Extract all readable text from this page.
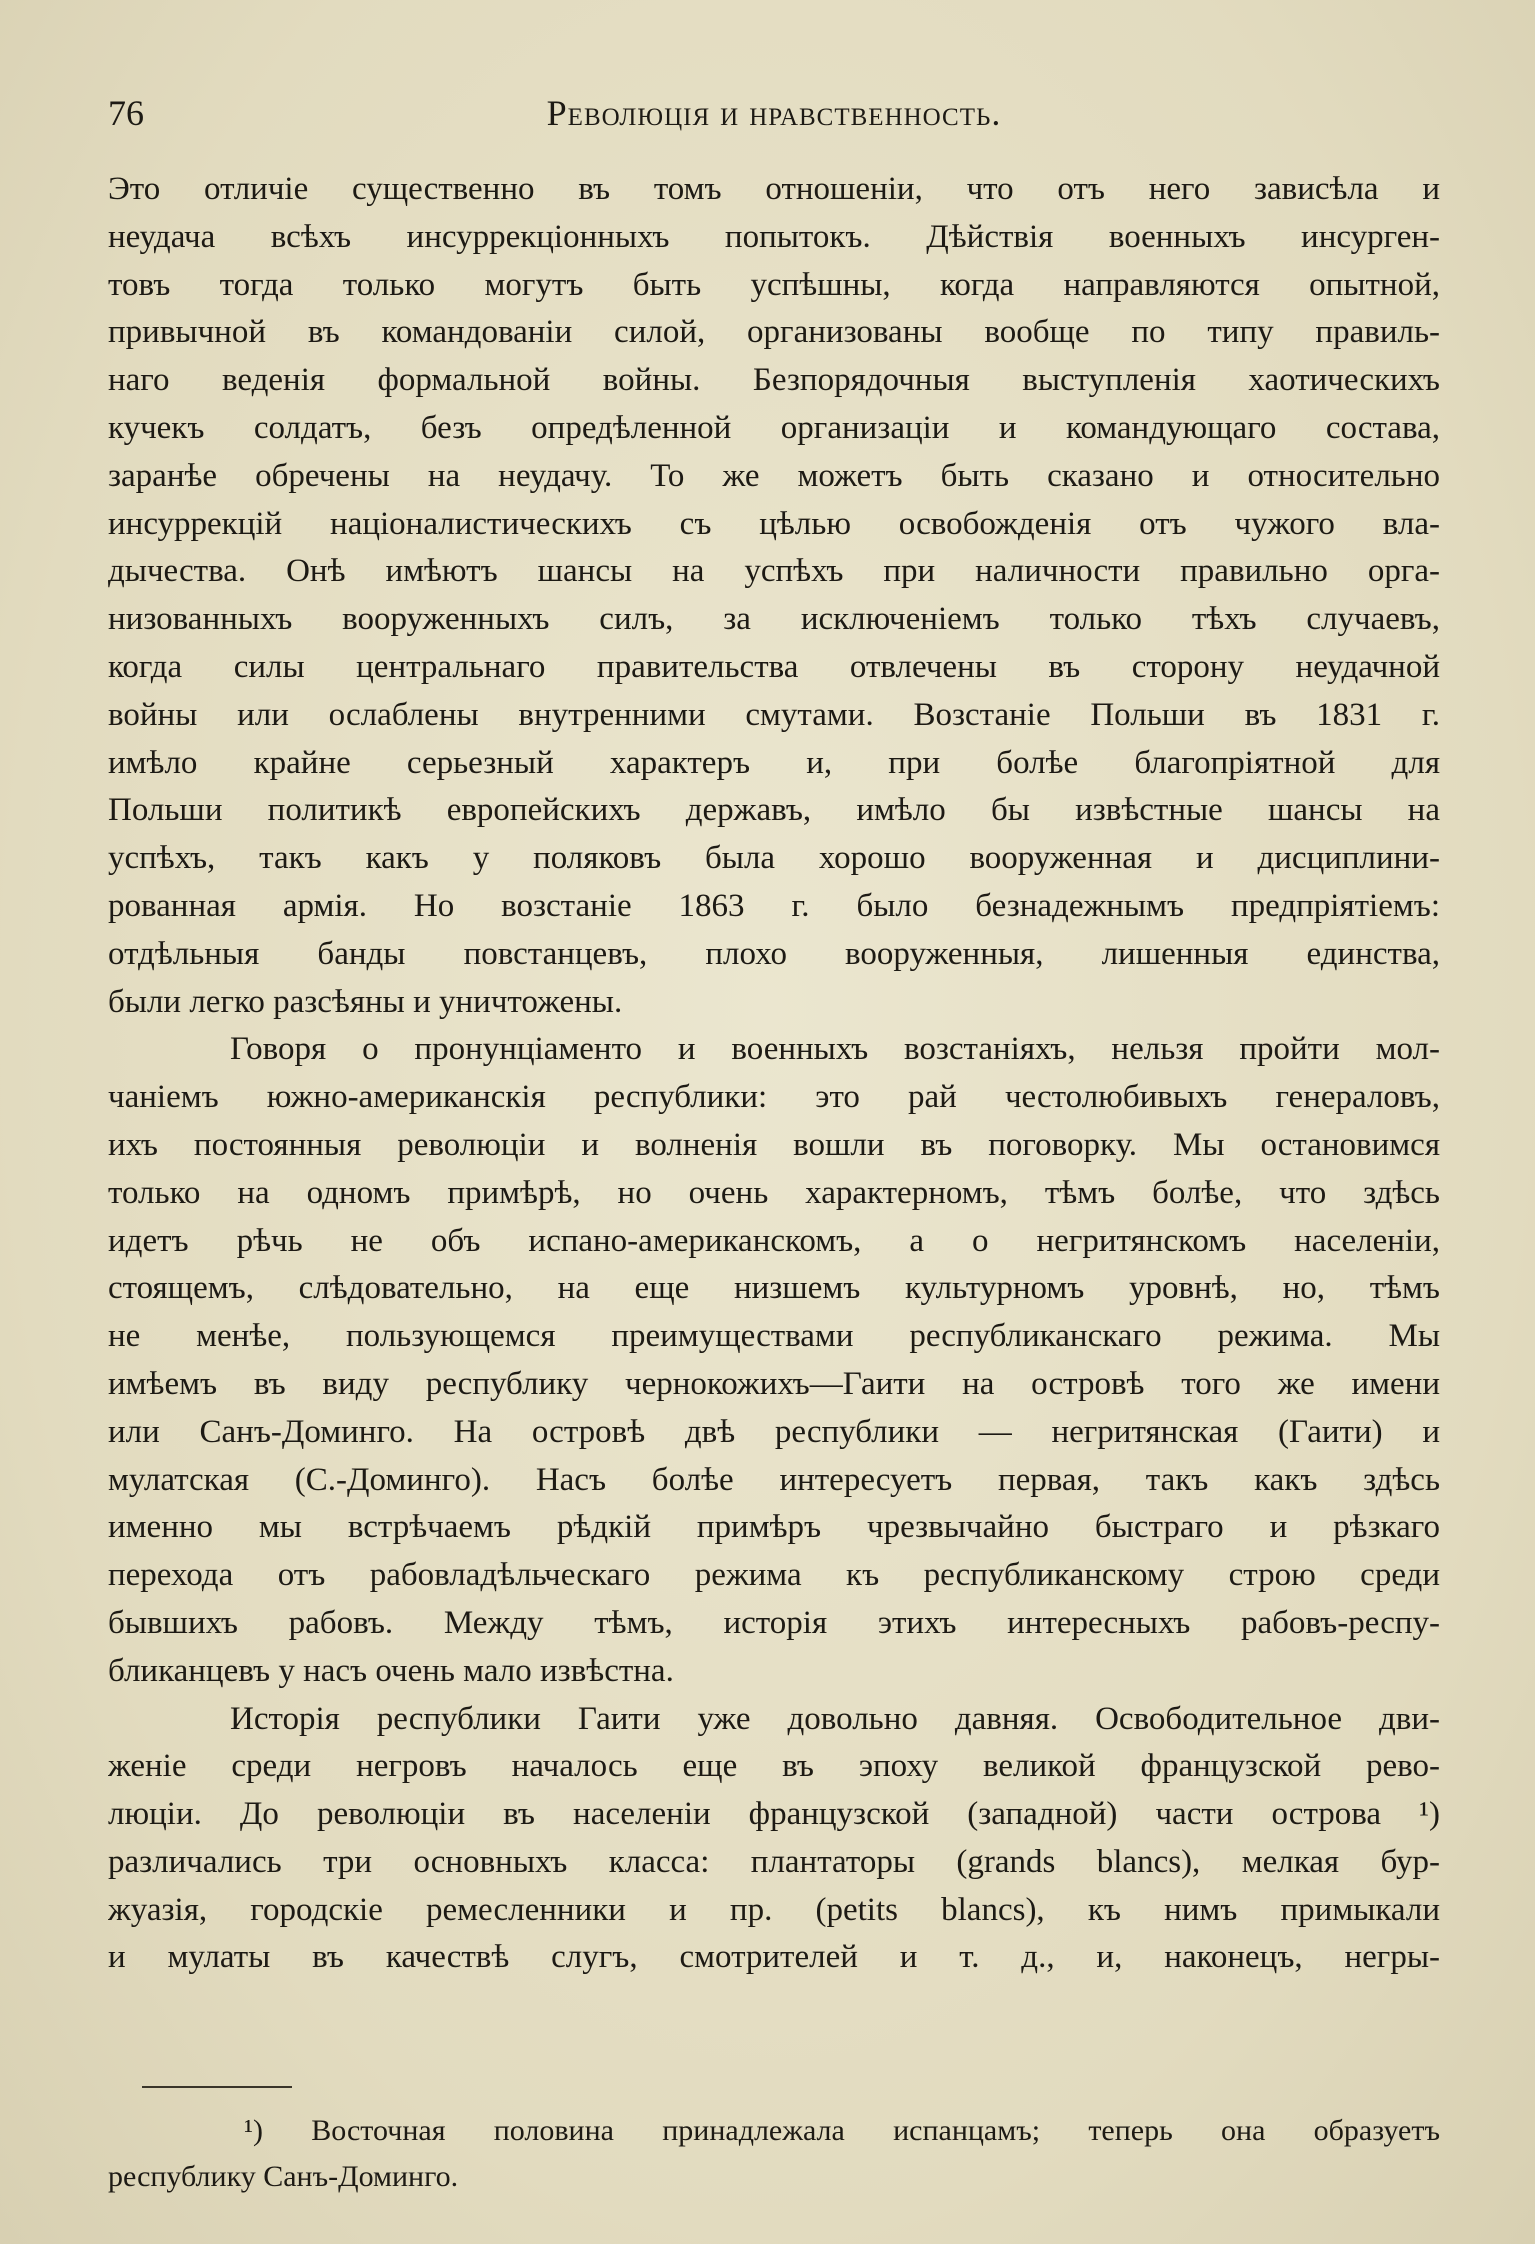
76	Революція и нравственность.
Это отличіе существенно въ томъ отношеніи, что отъ него зависѣла и
неудача всѣхъ инсуррекціонныхъ попытокъ. Дѣйствія военныхъ инсурген-
товъ тогда только могутъ быть успѣшны, когда направляются опытной,
привычной въ командованіи силой, организованы вообще по типу правиль-
наго веденія формальной войны. Безпорядочныя выступленія хаотическихъ
кучекъ солдатъ, безъ опредѣленной организаціи и командующаго состава,
заранѣе обречены на неудачу. То же можетъ быть сказано и относительно
инсуррекцій націоналистическихъ съ цѣлью освобожденія отъ чужого вла-
дычества. Онѣ имѣютъ шансы на успѣхъ при наличности правильно орга-
низованныхъ вооруженныхъ силъ, за исключеніемъ только тѣхъ случаевъ,
когда силы центральнаго правительства отвлечены въ сторону неудачной
войны или ослаблены внутренними смутами. Возстаніе Польши въ 1831 г.
имѣло крайне серьезный характеръ и, при болѣе благопріятной для
Польши политикѣ европейскихъ державъ, имѣло бы извѣстные шансы на
успѣхъ, такъ какъ у поляковъ была хорошо вооруженная и дисциплини-
рованная армія. Но возстаніе 1863 г. было безнадежнымъ предпріятіемъ:
отдѣльныя банды повстанцевъ, плохо вооруженныя, лишенныя единства,
были легко разсѣяны и уничтожены.
Говоря о пронунціаменто и военныхъ возстаніяхъ, нельзя пройти мол-
чаніемъ южно-американскія республики: это рай честолюбивыхъ генераловъ,
ихъ постоянныя революціи и волненія вошли въ поговорку. Мы остановимся
только на одномъ примѣрѣ, но очень характерномъ, тѣмъ болѣе, что здѣсь
идетъ рѣчь не объ испано-американскомъ, а о негритянскомъ населеніи,
стоящемъ, слѣдовательно, на еще низшемъ культурномъ уровнѣ, но, тѣмъ
не менѣе, пользующемся преимуществами республиканскаго режима. Мы
имѣемъ въ виду республику чернокожихъ—Гаити на островѣ того же имени
или Санъ-Доминго. На островѣ двѣ республики — негритянская (Гаити) и
мулатская (С.-Доминго). Насъ болѣе интересуетъ первая, такъ какъ здѣсь
именно мы встрѣчаемъ рѣдкій примѣръ чрезвычайно быстраго и рѣзкаго
перехода отъ рабовладѣльческаго режима къ республиканскому строю среди
бывшихъ рабовъ. Между тѣмъ, исторія этихъ интересныхъ рабовъ-респу-
бликанцевъ у насъ очень мало извѣстна.
Исторія республики Гаити уже довольно давняя. Освободительное дви-
женіе среди негровъ началось еще въ эпоху великой французской рево-
люціи. До революціи въ населеніи французской (западной) части острова ¹)
различались три основныхъ класса: плантаторы (grands blancs), мелкая бур-
жуазія, городскіе ремесленники и пр. (petits blancs), къ нимъ примыкали
и мулаты въ качествѣ слугъ, смотрителей и т. д., и, наконецъ, негры-
¹) Восточная половина принадлежала испанцамъ; теперь она образуетъ
республику Санъ-Доминго.
